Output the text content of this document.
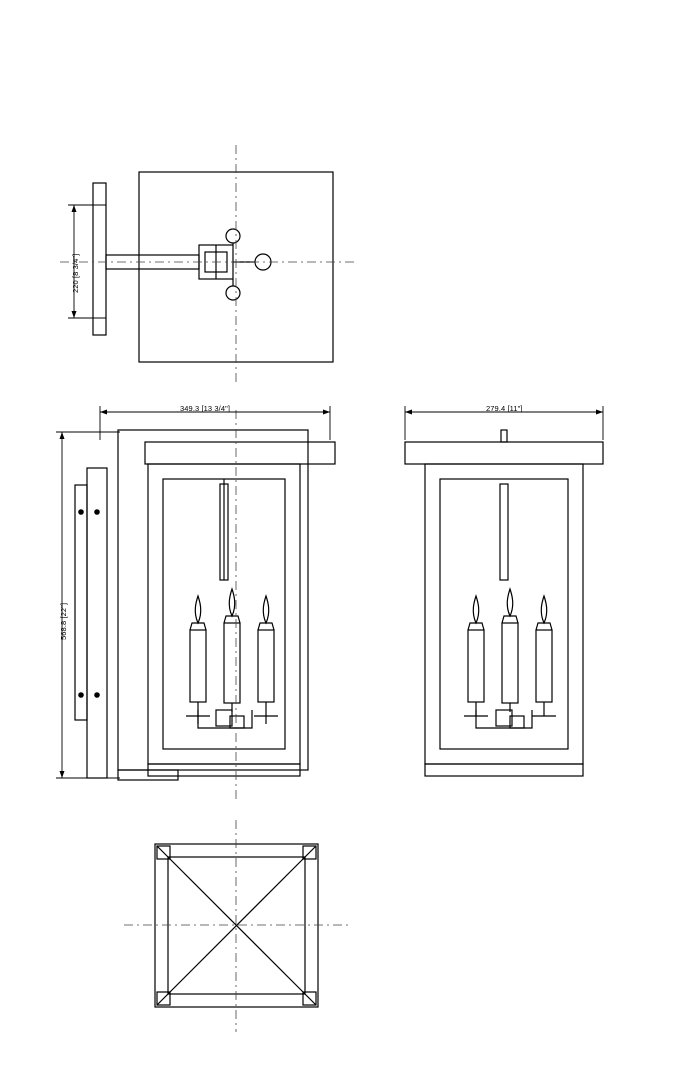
220 [8 3/4"]
349.3 [13 3/4"]
568.8 [22"]
279.4 [11"]
